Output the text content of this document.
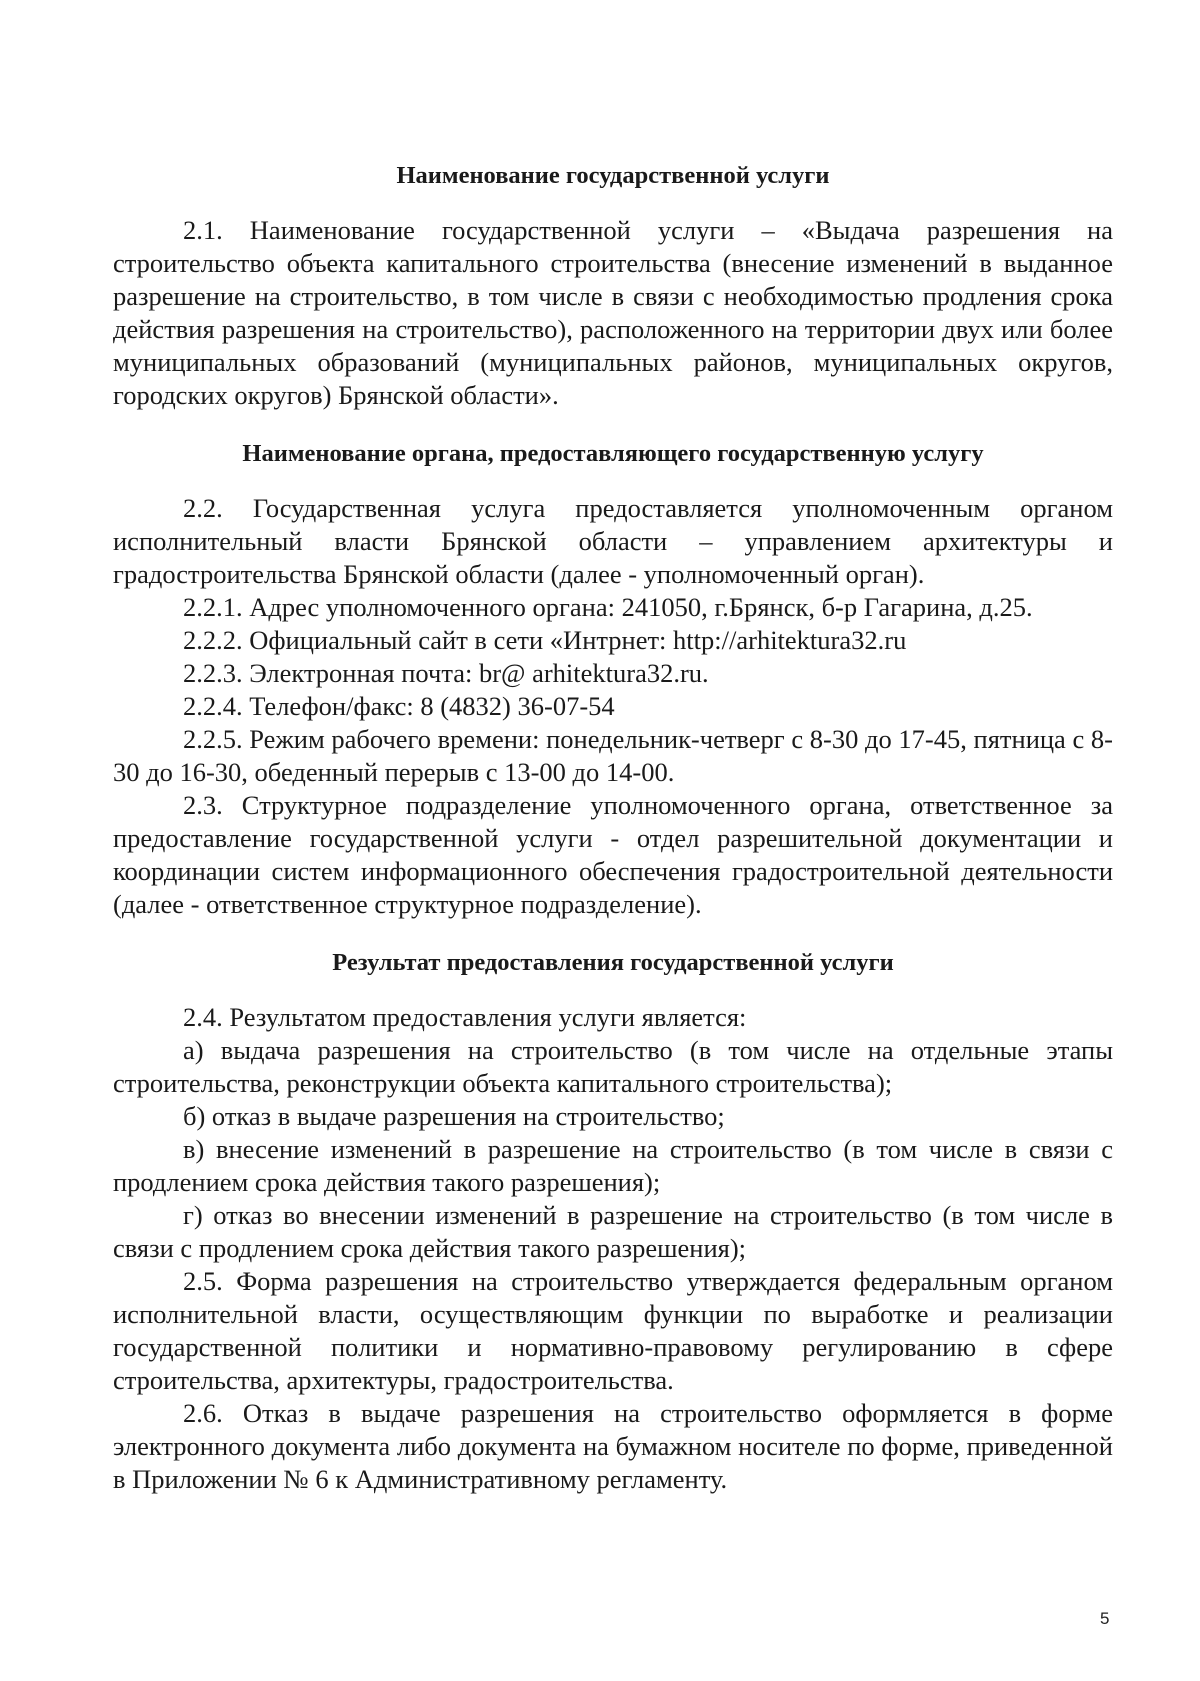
Наименование государственной услуги

2.1. Наименование государственной услуги – «Выдача разрешения на строительство объекта капитального строительства (внесение изменений в выданное разрешение на строительство, в том числе в связи с необходимостью продления срока действия разрешения на строительство), расположенного на территории двух или более муниципальных образований (муниципальных районов, муниципальных округов, городских округов) Брянской области».

Наименование органа, предоставляющего государственную услугу

2.2. Государственная услуга предоставляется уполномоченным органом исполнительный власти Брянской области – управлением архитектуры и градостроительства Брянской области (далее - уполномоченный орган).

2.2.1. Адрес уполномоченного органа: 241050, г.Брянск, б-р Гагарина, д.25.

2.2.2. Официальный сайт в сети «Интрнет: http://arhitektura32.ru

2.2.3. Электронная почта: br@ arhitektura32.ru.

2.2.4. Телефон/факс: 8 (4832) 36-07-54

2.2.5. Режим рабочего времени: понедельник-четверг с 8-30 до 17-45, пятница с 8-30 до 16-30, обеденный перерыв с 13-00 до 14-00.

2.3. Структурное подразделение уполномоченного органа, ответственное за предоставление государственной услуги - отдел разрешительной документации и координации систем информационного обеспечения градостроительной деятельности (далее - ответственное структурное подразделение).

Результат предоставления государственной услуги

2.4. Результатом предоставления услуги является:

а) выдача разрешения на строительство (в том числе на отдельные этапы строительства, реконструкции объекта капитального строительства);

б) отказ в выдаче разрешения на строительство;

в) внесение изменений в разрешение на строительство (в том числе в связи с продлением срока действия такого разрешения);

г) отказ во внесении изменений в разрешение на строительство (в том числе в связи с продлением срока действия такого разрешения);

2.5. Форма разрешения на строительство утверждается федеральным органом исполнительной власти, осуществляющим функции по выработке и реализации государственной политики и нормативно-правовому регулированию в сфере строительства, архитектуры, градостроительства.

2.6. Отказ в выдаче разрешения на строительство оформляется в форме электронного документа либо документа на бумажном носителе по форме, приведенной в Приложении № 6 к Административному регламенту.

5
